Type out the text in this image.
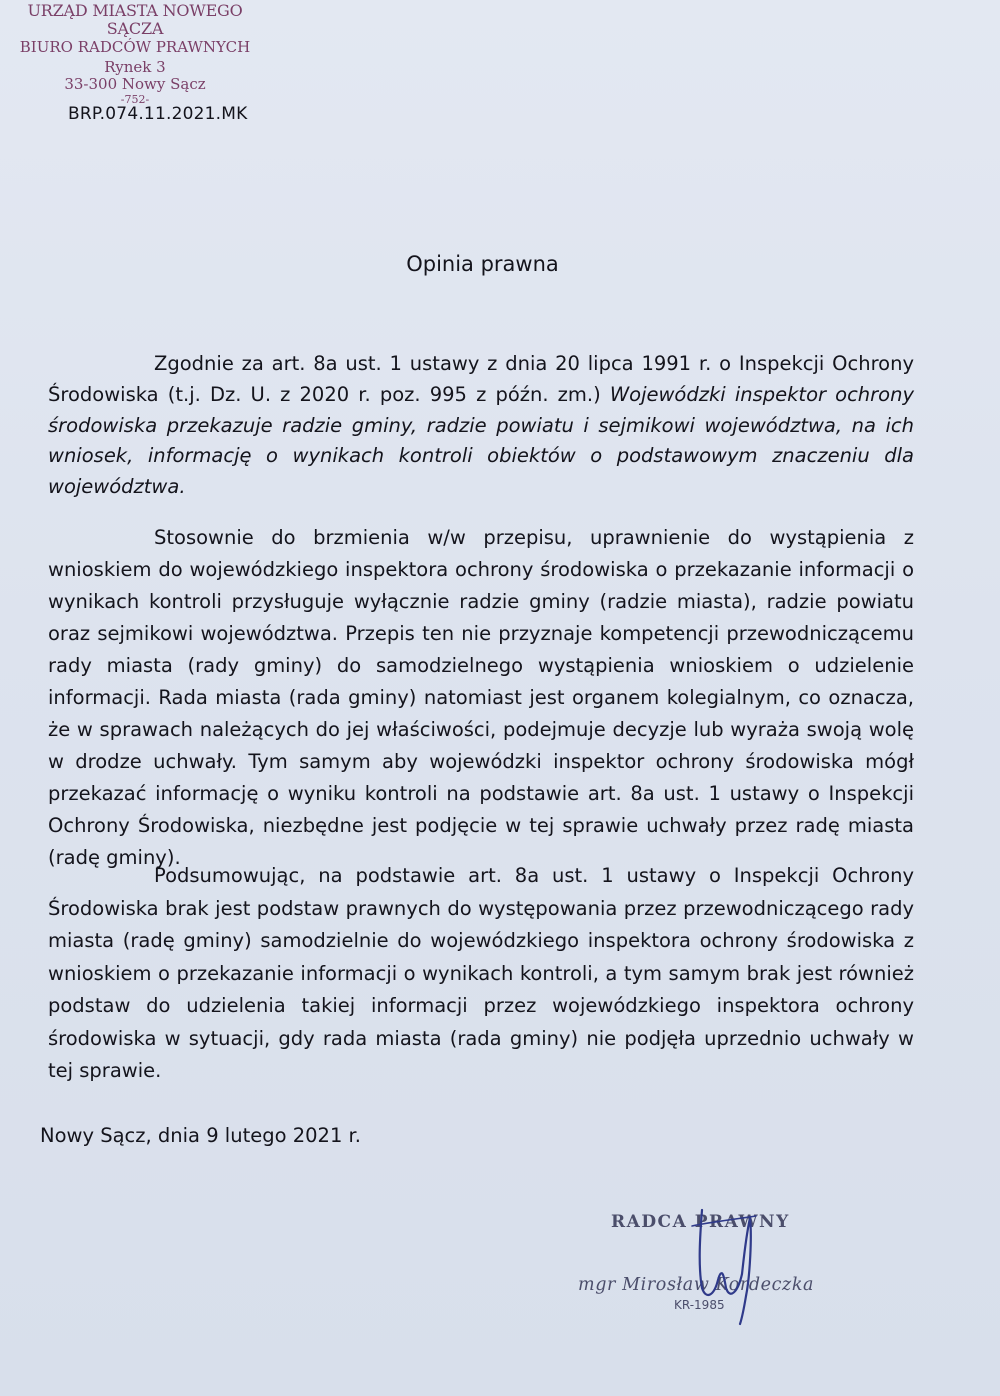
URZĄD MIASTA NOWEGO SĄCZA
BIURO RADCÓW PRAWNYCH
Rynek 3
33-300 Nowy Sącz
-752-
BRP.074.11.2021.MK
Opinia prawna

Zgodnie za art. 8a ust. 1 ustawy z dnia 20 lipca 1991 r. o Inspekcji Ochrony Środowiska (t.j. Dz. U. z 2020 r. poz. 995 z późn. zm.) Wojewódzki inspektor ochrony środowiska przekazuje radzie gminy, radzie powiatu i sejmikowi województwa, na ich wniosek, informację o wynikach kontroli obiektów o podstawowym znaczeniu dla województwa.

Stosownie do brzmienia w/w przepisu, uprawnienie do wystąpienia z wnioskiem do wojewódzkiego inspektora ochrony środowiska o przekazanie informacji o wynikach kontroli przysługuje wyłącznie radzie gminy (radzie miasta), radzie powiatu oraz sejmikowi województwa. Przepis ten nie przyznaje kompetencji przewodniczącemu rady miasta (rady gminy) do samodzielnego wystąpienia wnioskiem o udzielenie informacji. Rada miasta (rada gminy) natomiast jest organem kolegialnym, co oznacza, że w sprawach należących do jej właściwości, podejmuje decyzje lub wyraża swoją wolę w drodze uchwały. Tym samym aby wojewódzki inspektor ochrony środowiska mógł przekazać informację o wyniku kontroli na podstawie art. 8a ust. 1 ustawy o Inspekcji Ochrony Środowiska, niezbędne jest podjęcie w tej sprawie uchwały przez radę miasta (radę gminy).

Podsumowując, na podstawie art. 8a ust. 1 ustawy o Inspekcji Ochrony Środowiska brak jest podstaw prawnych do występowania przez przewodniczącego rady miasta (radę gminy) samodzielnie do wojewódzkiego inspektora ochrony środowiska z wnioskiem o przekazanie informacji o wynikach kontroli, a tym samym brak jest również podstaw do udzielenia takiej informacji przez wojewódzkiego inspektora ochrony środowiska w sytuacji, gdy rada miasta (rada gminy) nie podjęła uprzednio uchwały w tej sprawie.

Nowy Sącz, dnia 9 lutego 2021 r.
RADCA PRAWNY
mgr Mirosław Kordeczka
KR-1985
